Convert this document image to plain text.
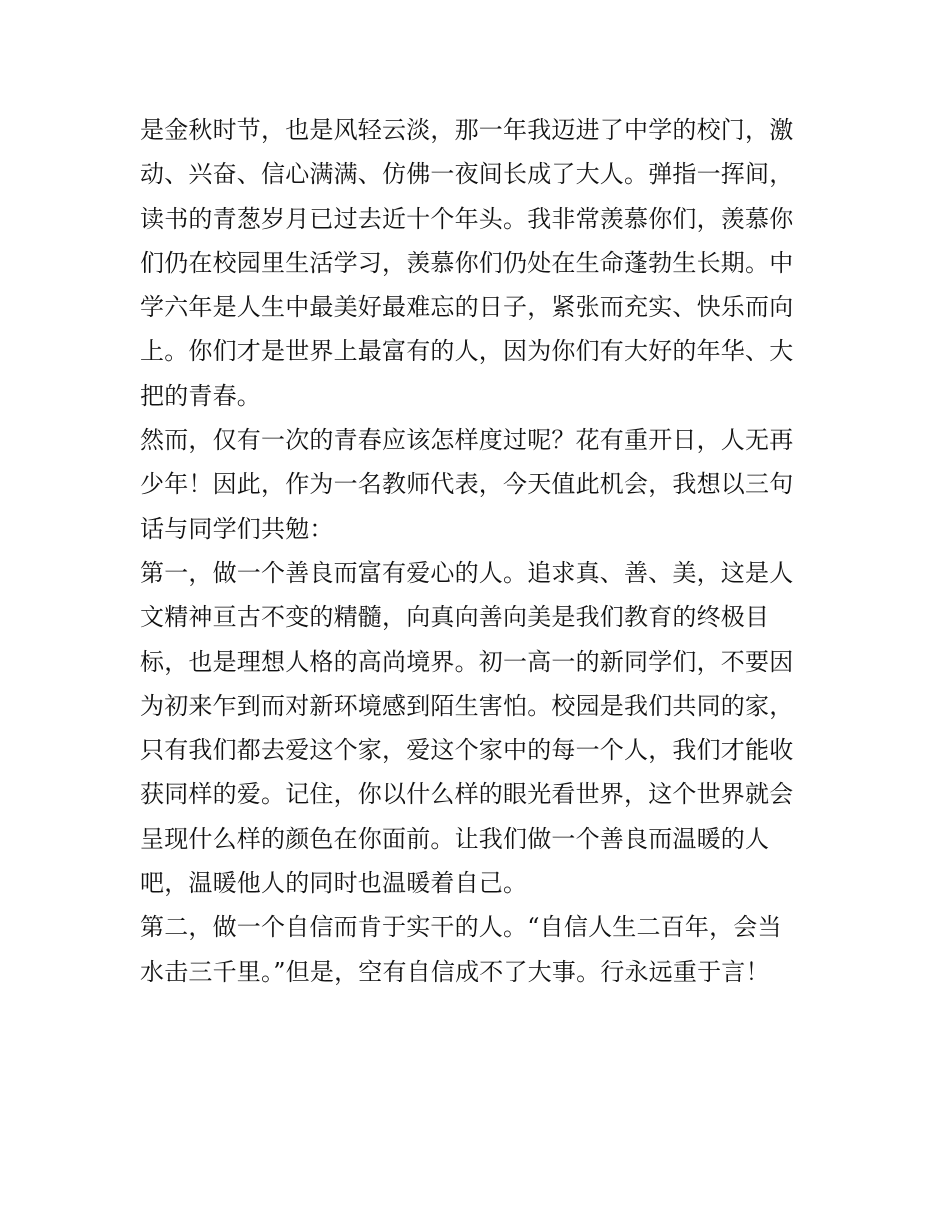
是金秋时节，也是风轻云淡，那一年我迈进了中学的校门，激
动、兴奋、信心满满、仿佛一夜间长成了大人。弹指一挥间，
读书的青葱岁月已过去近十个年头。我非常羡慕你们，羡慕你
们仍在校园里生活学习，羡慕你们仍处在生命蓬勃生长期。中
学六年是人生中最美好最难忘的日子，紧张而充实、快乐而向
上。你们才是世界上最富有的人，因为你们有大好的年华、大
把的青春。
然而，仅有一次的青春应该怎样度过呢？花有重开日，人无再
少年！因此，作为一名教师代表，今天值此机会，我想以三句
话与同学们共勉：
第一，做一个善良而富有爱心的人。追求真、善、美，这是人
文精神亘古不变的精髓，向真向善向美是我们教育的终极目
标，也是理想人格的高尚境界。初一高一的新同学们，不要因
为初来乍到而对新环境感到陌生害怕。校园是我们共同的家，
只有我们都去爱这个家，爱这个家中的每一个人，我们才能收
获同样的爱。记住，你以什么样的眼光看世界，这个世界就会
呈现什么样的颜色在你面前。让我们做一个善良而温暖的人
吧，温暖他人的同时也温暖着自己。
第二，做一个自信而肯于实干的人。“自信人生二百年，会当
水击三千里。”但是，空有自信成不了大事。行永远重于言！
